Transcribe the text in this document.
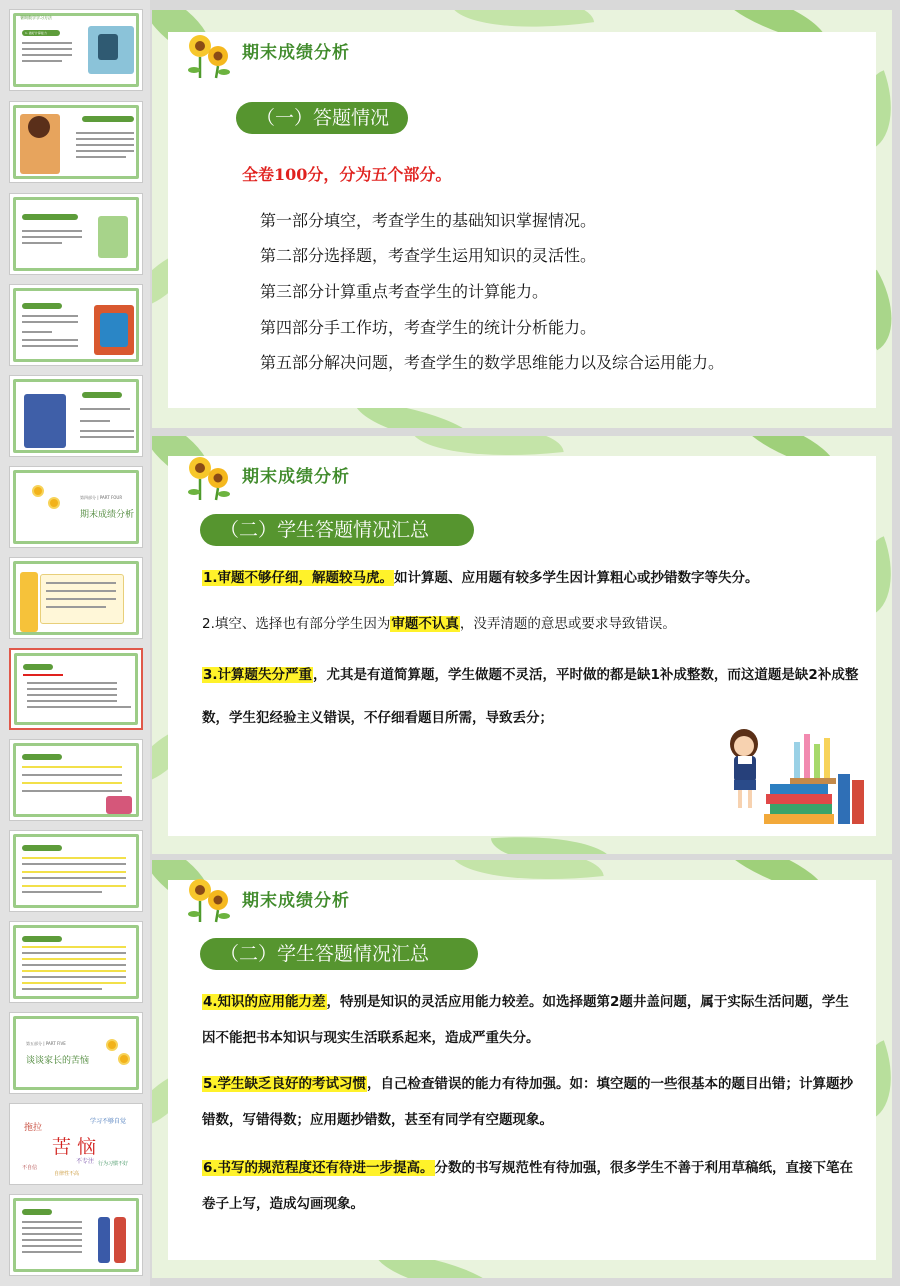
暑期数学学习方法
1. 做好计算能力
第四部分 | PART FOUR
期末成绩分析
第五部分 | PART FIVE
谈谈家长的苦恼
拖拉
苦 恼
学习不够自觉
不专注 行为习惯不好
自律性不高
不自信
期末成绩分析
（一）答题情况
全卷100分，分为五个部分。
第一部分填空，考查学生的基础知识掌握情况。
第二部分选择题，考查学生运用知识的灵活性。
第三部分计算重点考查学生的计算能力。
第四部分手工作坊，考查学生的统计分析能力。
第五部分解决问题，考查学生的数学思维能力以及综合运用能力。
期末成绩分析
（二）学生答题情况汇总
1.审题不够仔细，解题较马虎。如计算题、应用题有较多学生因计算粗心或抄错数字等失分。
2.填空、选择也有部分学生因为审题不认真，没弄清题的意思或要求导致错误。
3.计算题失分严重，尤其是有道简算题，学生做题不灵活，平时做的都是缺1补成整数，而这道题是缺2补成整数，学生犯经验主义错误，不仔细看题目所需，导致丢分；
期末成绩分析
（二）学生答题情况汇总
4.知识的应用能力差，特别是知识的灵活应用能力较差。如选择题第2题井盖问题，属于实际生活问题，学生因不能把书本知识与现实生活联系起来，造成严重失分。
5.学生缺乏良好的考试习惯，自己检查错误的能力有待加强。如：填空题的一些很基本的题目出错；计算题抄错数，写错得数；应用题抄错数，甚至有同学有空题现象。
6.书写的规范程度还有待进一步提高。分数的书写规范性有待加强，很多学生不善于利用草稿纸，直接下笔在卷子上写，造成勾画现象。
